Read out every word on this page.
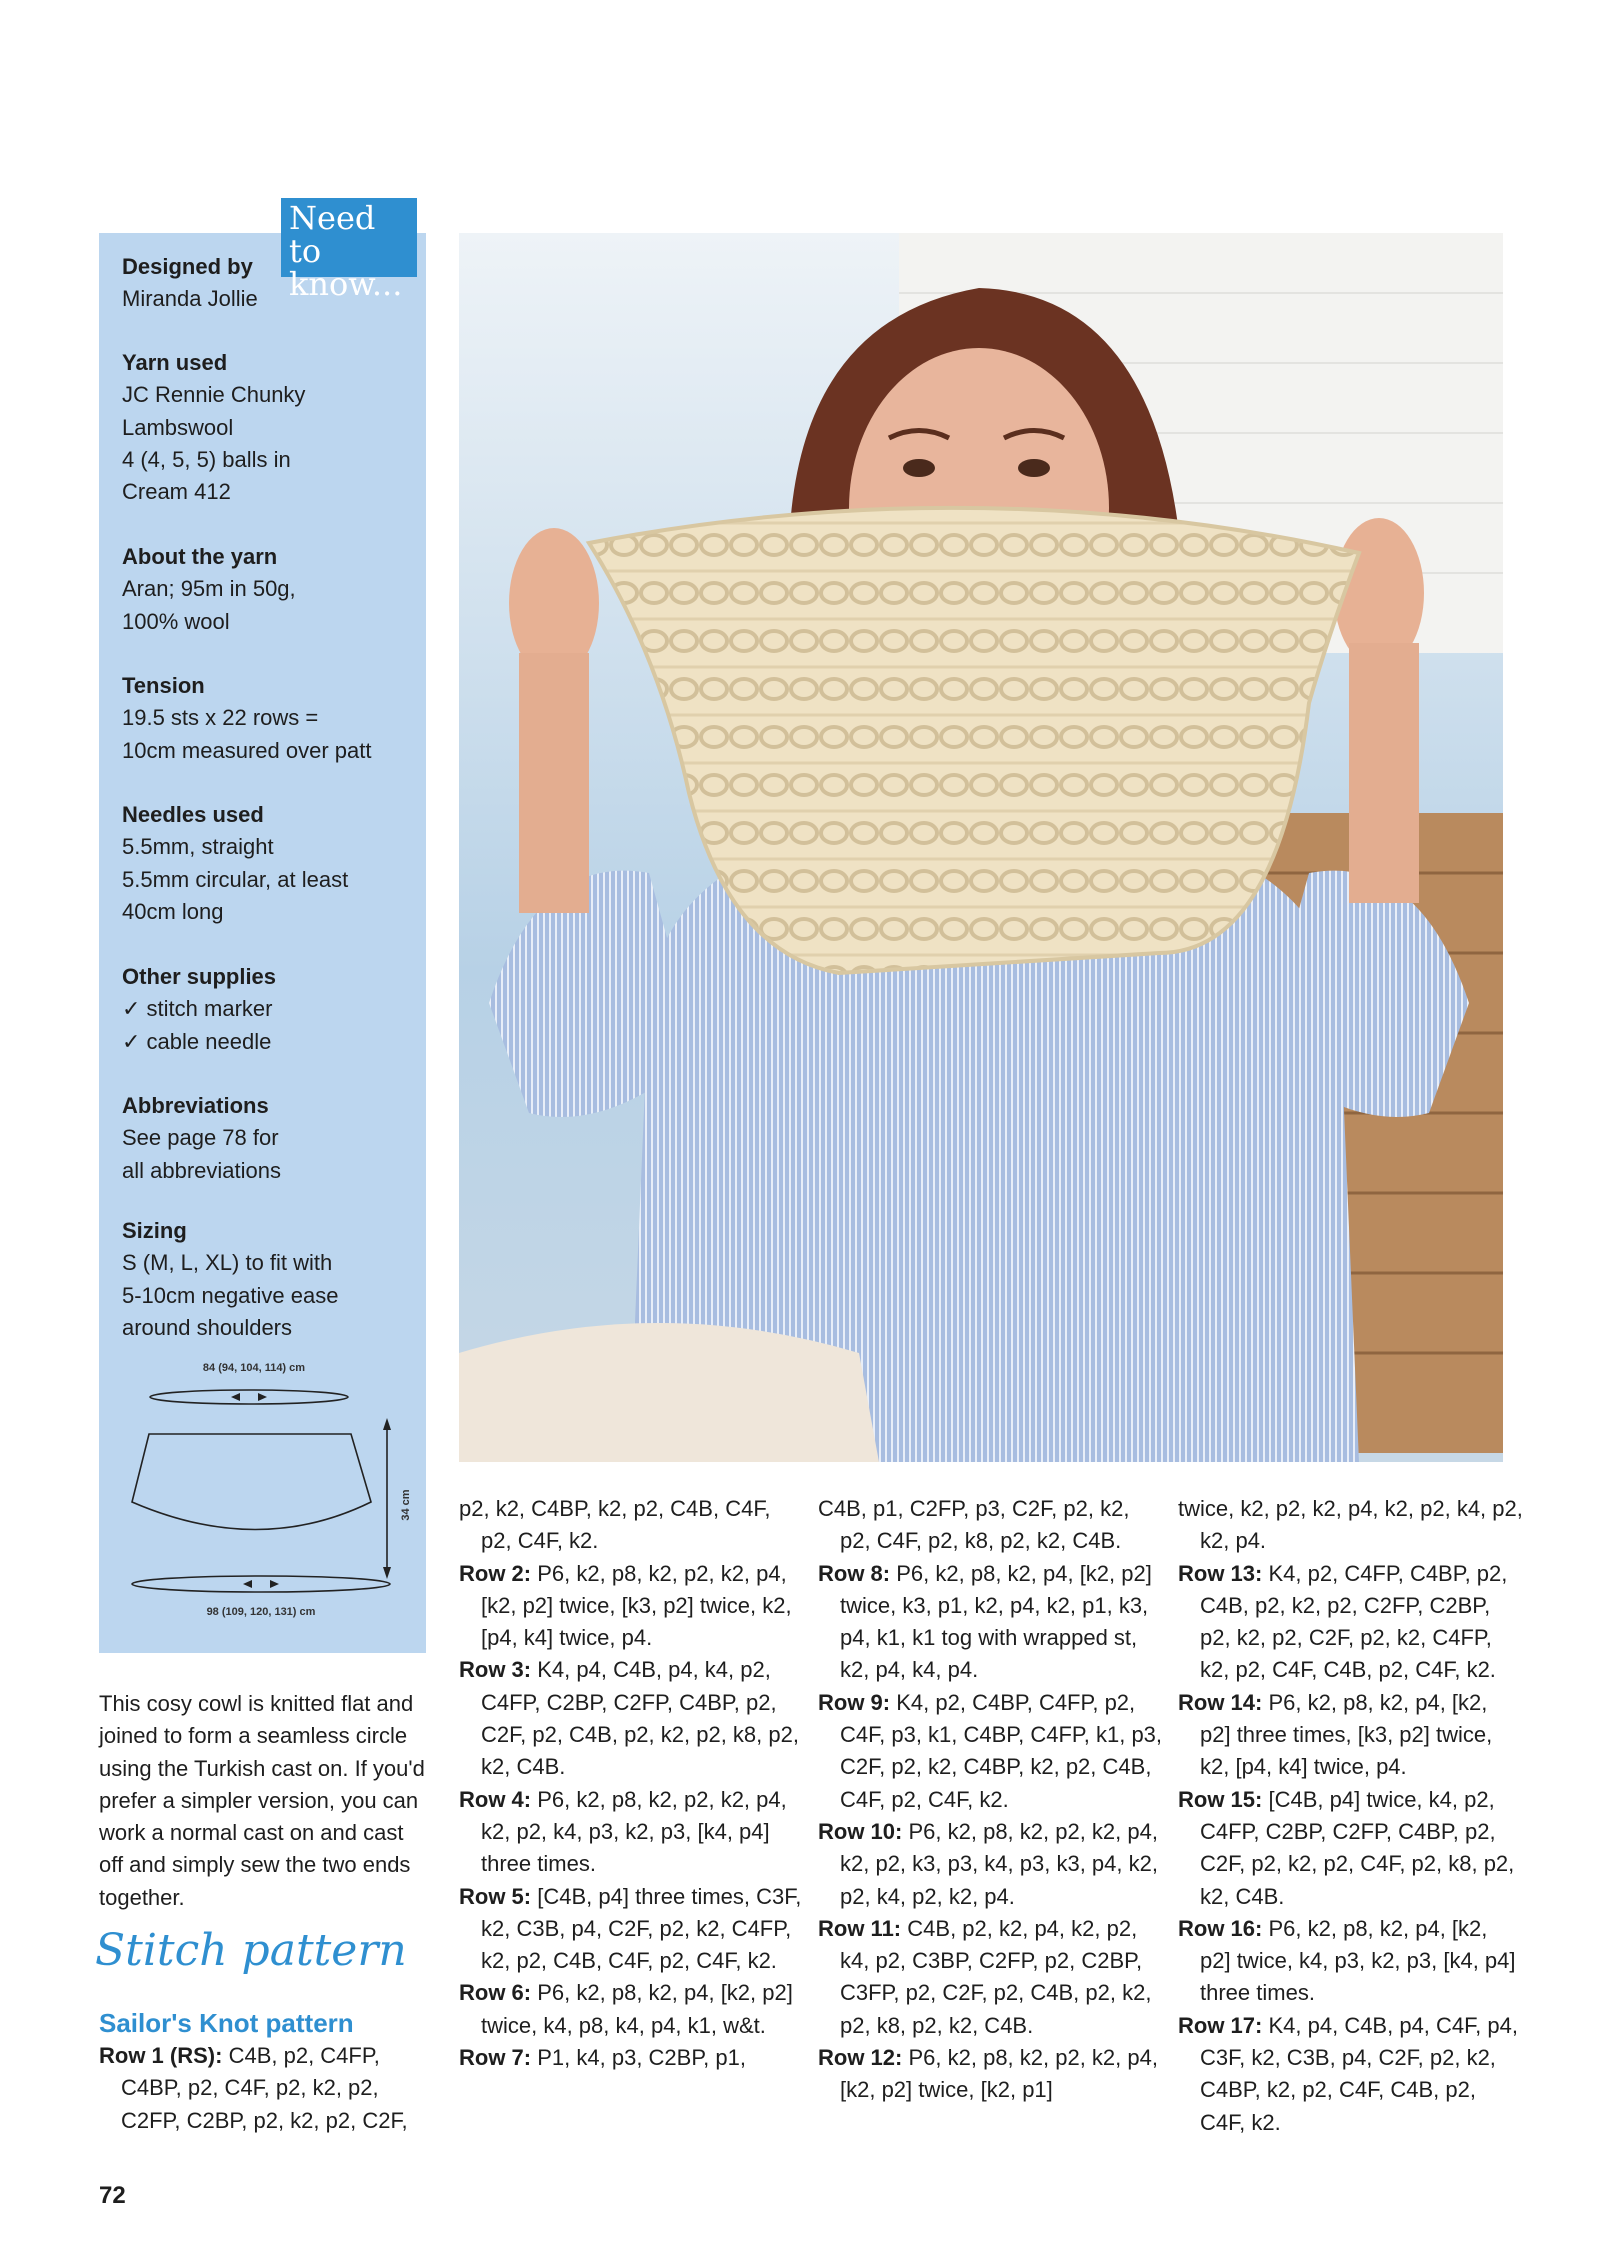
Need to know...
Designed by
Miranda Jollie
Yarn used
JC Rennie Chunky
Lambswool
4 (4, 5, 5) balls in
Cream 412
About the yarn
Aran; 95m in 50g,
100% wool
Tension
19.5 sts x 22 rows =
10cm measured over patt
Needles used
5.5mm, straight
5.5mm circular, at least
40cm long
Other supplies
✓ stitch marker
✓ cable needle
Abbreviations
See page 78 for
all abbreviations
Sizing
S (M, L, XL) to fit with
5-10cm negative ease
around shoulders
84 (94, 104, 114) cm
34 cm
98 (109, 120, 131) cm
This cosy cowl is knitted flat and joined to form a seamless circle using the Turkish cast on. If you'd prefer a simpler version, you can work a normal cast on and cast off and simply sew the two ends together.
Stitch pattern
Sailor's Knot pattern

Row 1 (RS): C4B, p2, C4FP, C4BP, p2, C4F, p2, k2, p2, C2FP, C2BP, p2, k2, p2, C2F,

p2, k2, C4BP, k2, p2, C4B, C4F, p2, C4F, k2.

Row 2: P6, k2, p8, k2, p2, k2, p4, [k2, p2] twice, [k3, p2] twice, k2, [p4, k4] twice, p4.

Row 3: K4, p4, C4B, p4, k4, p2, C4FP, C2BP, C2FP, C4BP, p2, C2F, p2, C4B, p2, k2, p2, k8, p2, k2, C4B.

Row 4: P6, k2, p8, k2, p2, k2, p4, k2, p2, k4, p3, k2, p3, [k4, p4] three times.

Row 5: [C4B, p4] three times, C3F, k2, C3B, p4, C2F, p2, k2, C4FP, k2, p2, C4B, C4F, p2, C4F, k2.

Row 6: P6, k2, p8, k2, p4, [k2, p2] twice, k4, p8, k4, p4, k1, w&t.

Row 7: P1, k4, p3, C2BP, p1,

C4B, p1, C2FP, p3, C2F, p2, k2, p2, C4F, p2, k8, p2, k2, C4B.

Row 8: P6, k2, p8, k2, p4, [k2, p2] twice, k3, p1, k2, p4, k2, p1, k3, p4, k1, k1 tog with wrapped st, k2, p4, k4, p4.

Row 9: K4, p2, C4BP, C4FP, p2, C4F, p3, k1, C4BP, C4FP, k1, p3, C2F, p2, k2, C4BP, k2, p2, C4B, C4F, p2, C4F, k2.

Row 10: P6, k2, p8, k2, p2, k2, p4, k2, p2, k3, p3, k4, p3, k3, p4, k2, p2, k4, p2, k2, p4.

Row 11: C4B, p2, k2, p4, k2, p2, k4, p2, C3BP, C2FP, p2, C2BP, C3FP, p2, C2F, p2, C4B, p2, k2, p2, k8, p2, k2, C4B.

Row 12: P6, k2, p8, k2, p2, k2, p4, [k2, p2] twice, [k2, p1]

twice, k2, p2, k2, p4, k2, p2, k4, p2, k2, p4.

Row 13: K4, p2, C4FP, C4BP, p2, C4B, p2, k2, p2, C2FP, C2BP, p2, k2, p2, C2F, p2, k2, C4FP, k2, p2, C4F, C4B, p2, C4F, k2.

Row 14: P6, k2, p8, k2, p4, [k2, p2] three times, [k3, p2] twice, k2, [p4, k4] twice, p4.

Row 15: [C4B, p4] twice, k4, p2, C4FP, C2BP, C2FP, C4BP, p2, C2F, p2, k2, p2, C4F, p2, k8, p2, k2, C4B.

Row 16: P6, k2, p8, k2, p4, [k2, p2] twice, k4, p3, k2, p3, [k4, p4] three times.

Row 17: K4, p4, C4B, p4, C4F, p4, C3F, k2, C3B, p4, C2F, p2, k2, C4BP, k2, p2, C4F, C4B, p2, C4F, k2.

72
